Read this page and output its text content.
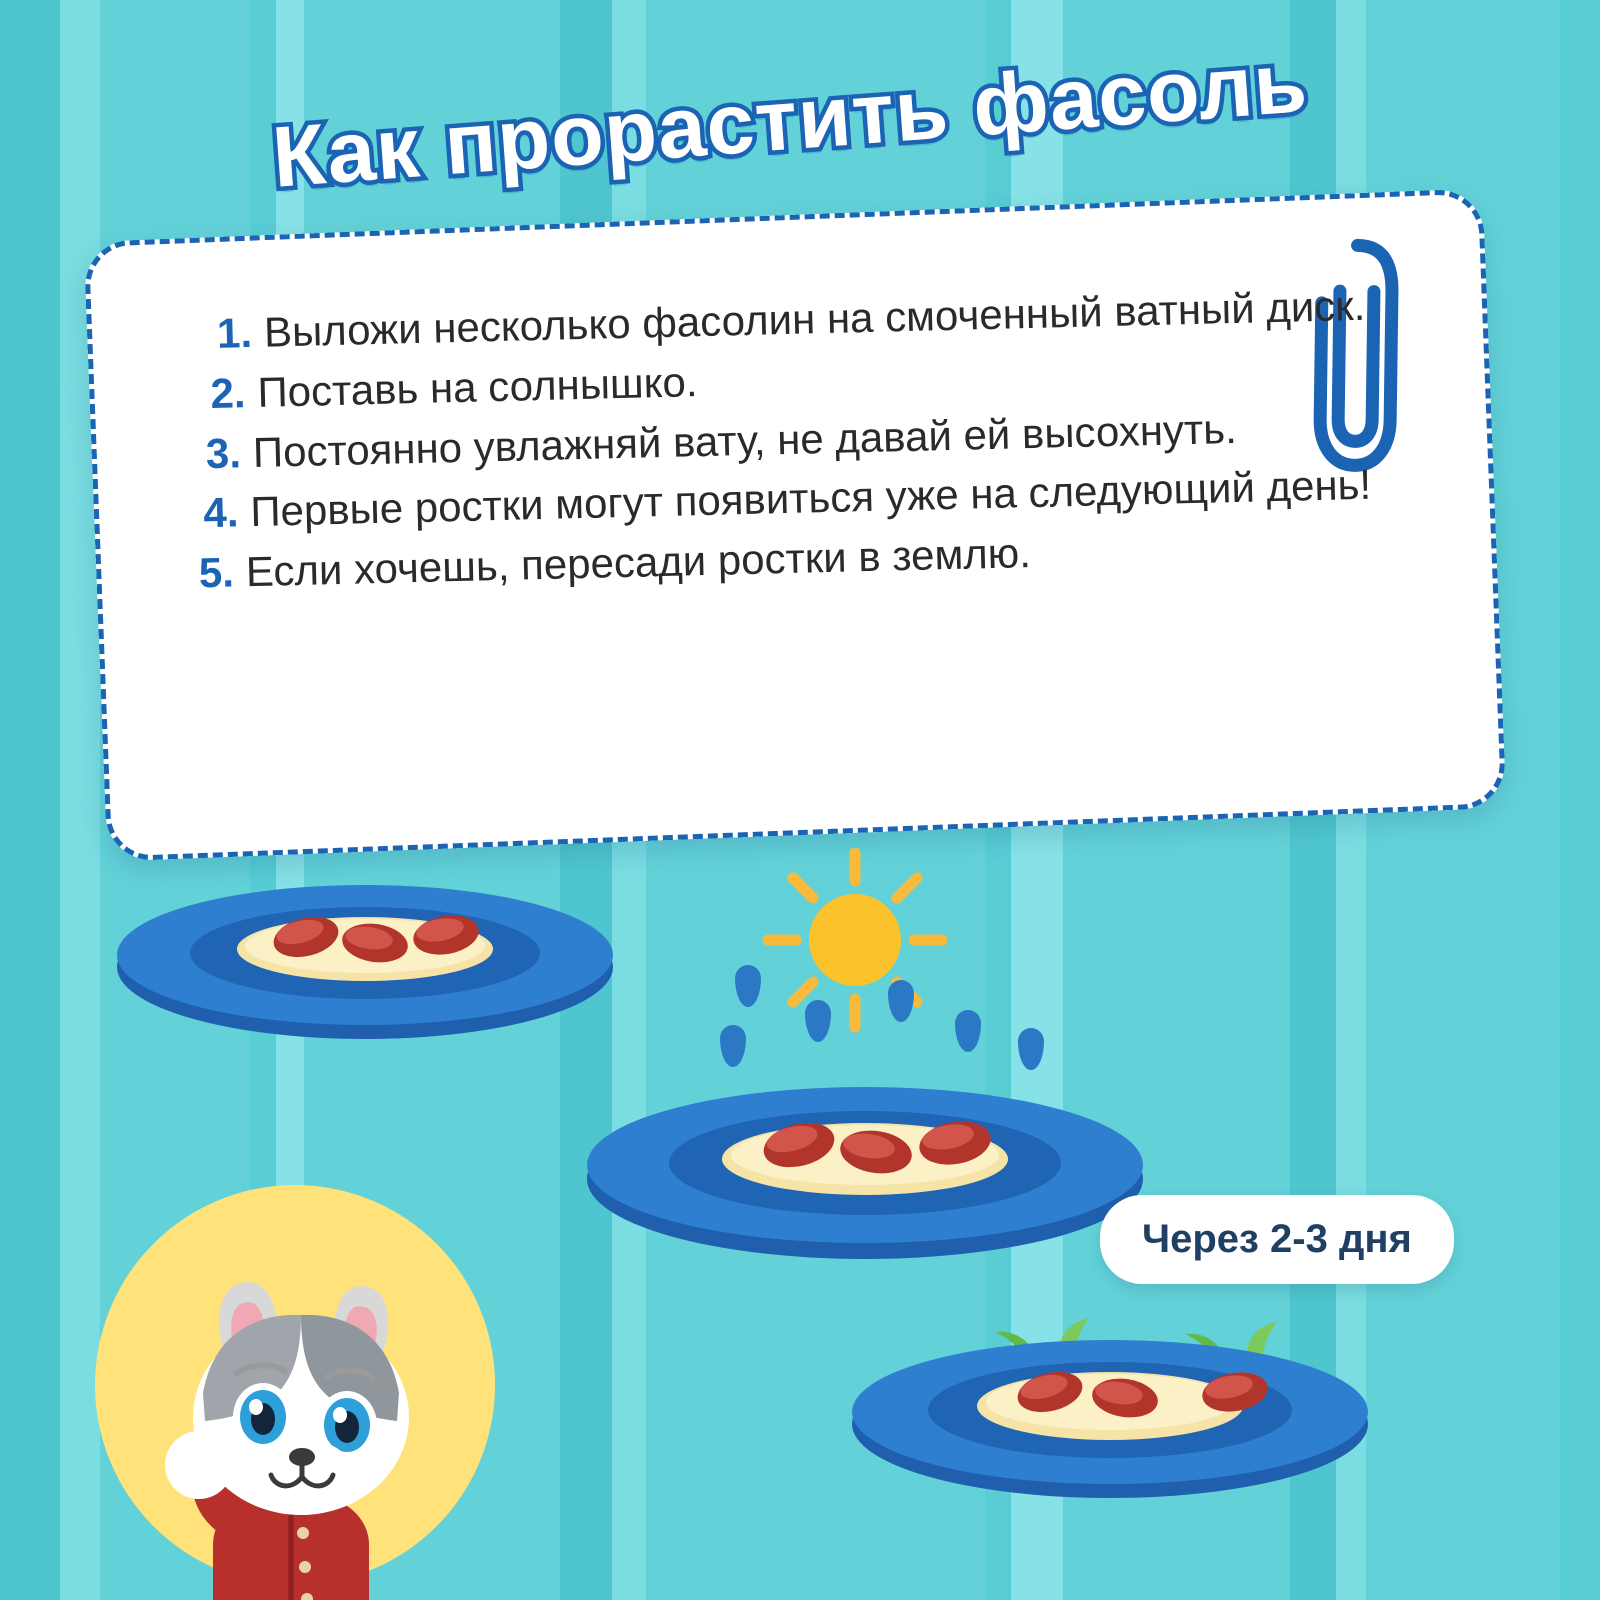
Как прорастить фасоль
1. Выложи несколько фасолин на смоченный ватный диск.
2. Поставь на солнышко.
3. Постоянно увлажняй вату, не давай ей высохнуть.
4. Первые ростки могут появиться уже на следующий день!
5. Если хочешь, пересади ростки в землю.
Через 2-3 дня
